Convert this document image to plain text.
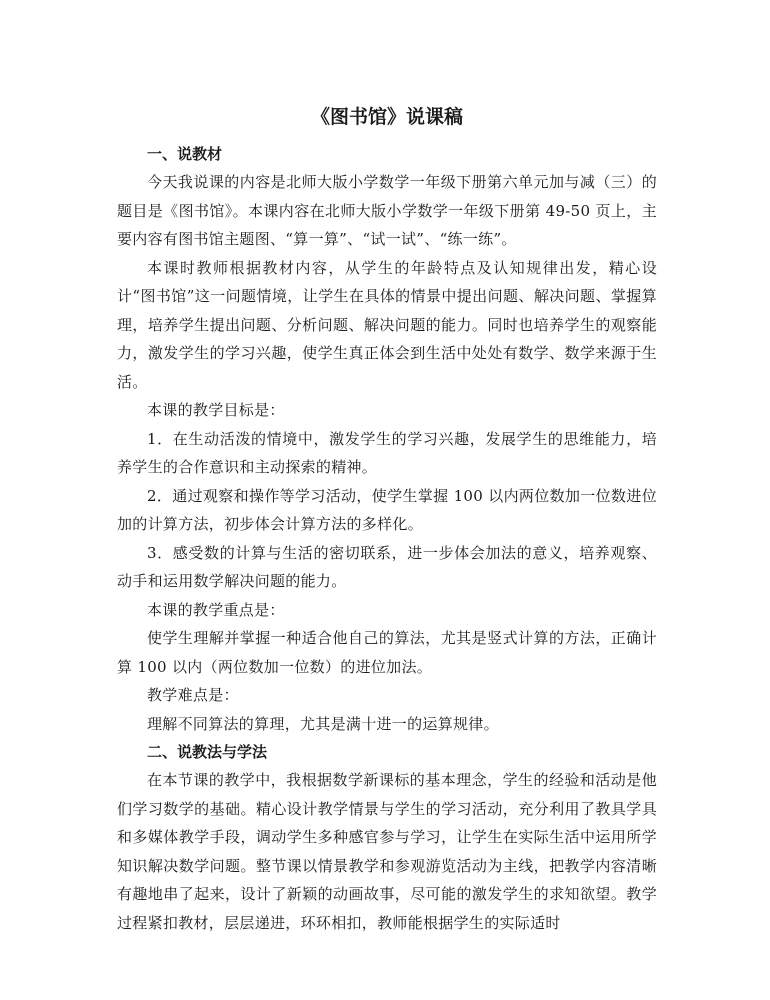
《图书馆》说课稿

一、说教材

今天我说课的内容是北师大版小学数学一年级下册第六单元加与减（三）的题目是《图书馆》。本课内容在北师大版小学数学一年级下册第 49-50 页上，主要内容有图书馆主题图、“算一算”、“试一试”、“练一练”。

本课时教师根据教材内容，从学生的年龄特点及认知规律出发，精心设计“图书馆”这一问题情境，让学生在具体的情景中提出问题、解决问题、掌握算理，培养学生提出问题、分析问题、解决问题的能力。同时也培养学生的观察能力，激发学生的学习兴趣，使学生真正体会到生活中处处有数学、数学来源于生活。

本课的教学目标是：

1．在生动活泼的情境中，激发学生的学习兴趣，发展学生的思维能力，培养学生的合作意识和主动探索的精神。

2．通过观察和操作等学习活动，使学生掌握 100 以内两位数加一位数进位加的计算方法，初步体会计算方法的多样化。

3．感受数的计算与生活的密切联系，进一步体会加法的意义，培养观察、动手和运用数学解决问题的能力。

本课的教学重点是：

使学生理解并掌握一种适合他自己的算法，尤其是竖式计算的方法，正确计算 100 以内（两位数加一位数）的进位加法。

教学难点是：

理解不同算法的算理，尤其是满十进一的运算规律。

二、说教法与学法

在本节课的教学中，我根据数学新课标的基本理念，学生的经验和活动是他们学习数学的基础。精心设计教学情景与学生的学习活动，充分利用了教具学具和多媒体教学手段，调动学生多种感官参与学习，让学生在实际生活中运用所学知识解决数学问题。整节课以情景教学和参观游览活动为主线，把教学内容清晰有趣地串了起来，设计了新颖的动画故事，尽可能的激发学生的求知欲望。教学过程紧扣教材，层层递进，环环相扣，教师能根据学生的实际适时
